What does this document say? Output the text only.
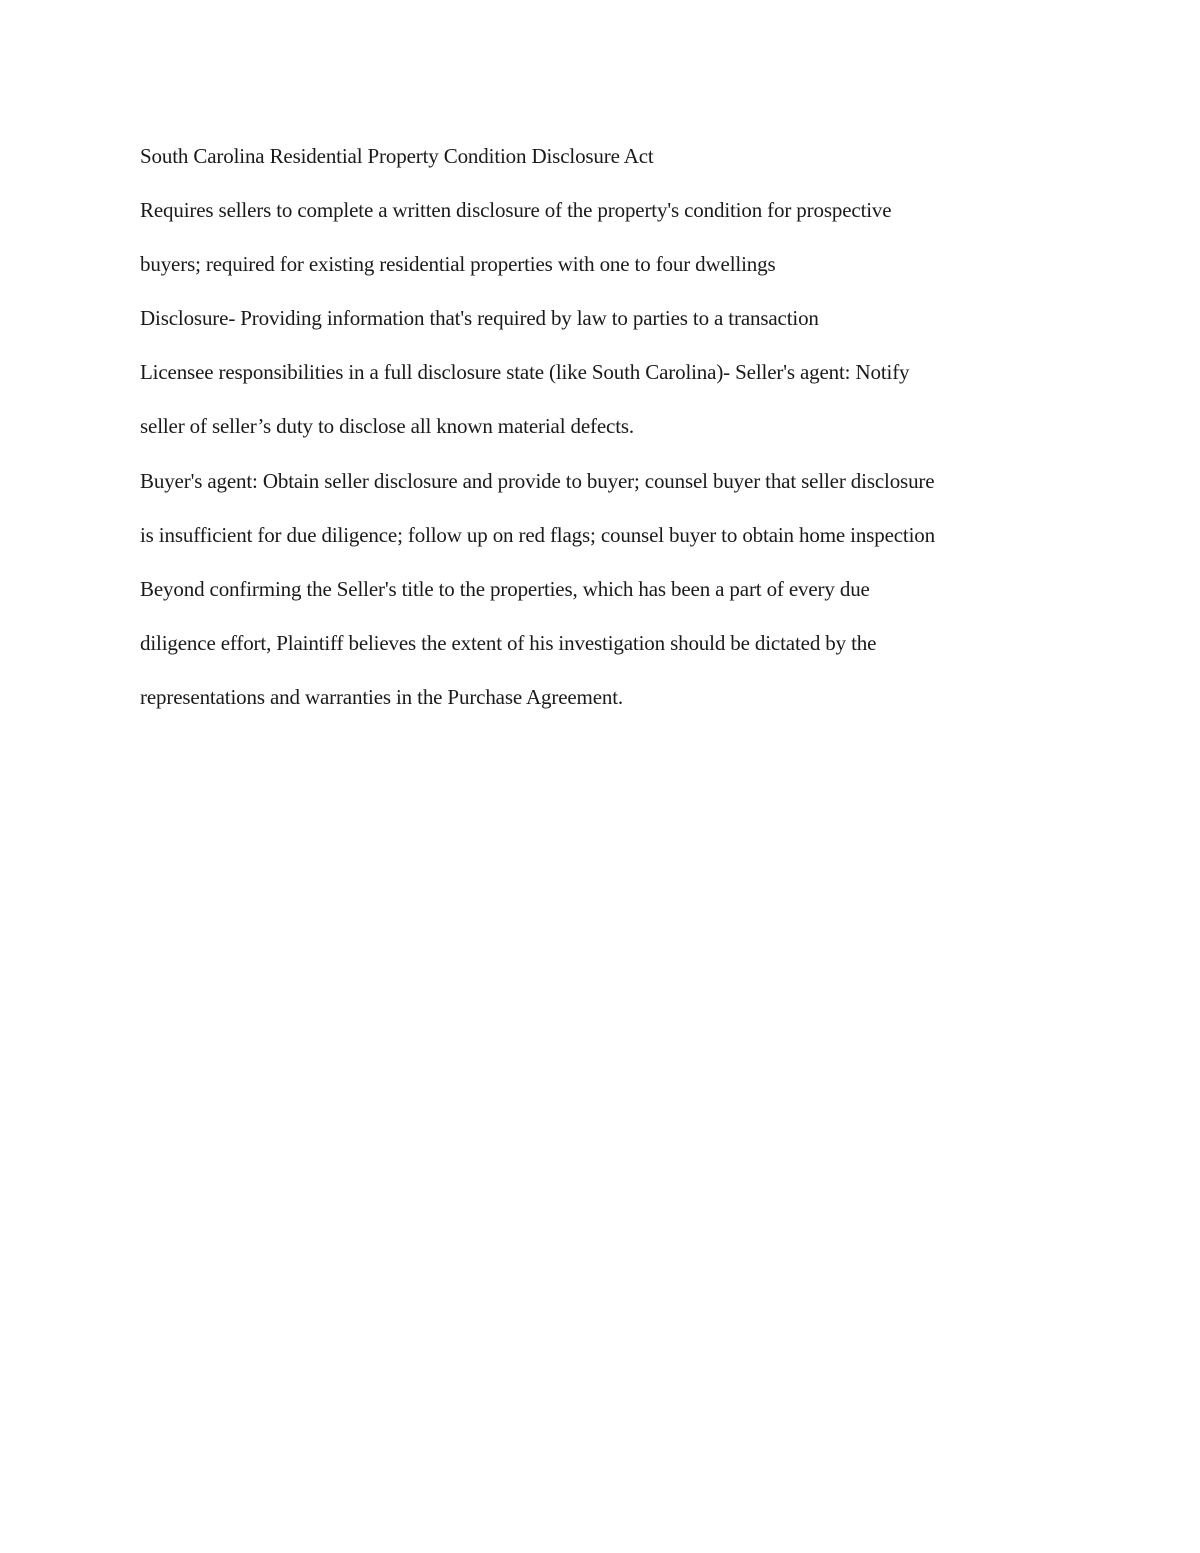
South Carolina Residential Property Condition Disclosure Act
Requires sellers to complete a written disclosure of the property's condition for prospective
buyers; required for existing residential properties with one to four dwellings
Disclosure- Providing information that's required by law to parties to a transaction
Licensee responsibilities in a full disclosure state (like South Carolina)- Seller's agent: Notify
seller of seller’s duty to disclose all known material defects.
Buyer's agent: Obtain seller disclosure and provide to buyer; counsel buyer that seller disclosure
is insufficient for due diligence; follow up on red flags; counsel buyer to obtain home inspection
Beyond confirming the Seller's title to the properties, which has been a part of every due
diligence effort, Plaintiff believes the extent of his investigation should be dictated by the
representations and warranties in the Purchase Agreement.
